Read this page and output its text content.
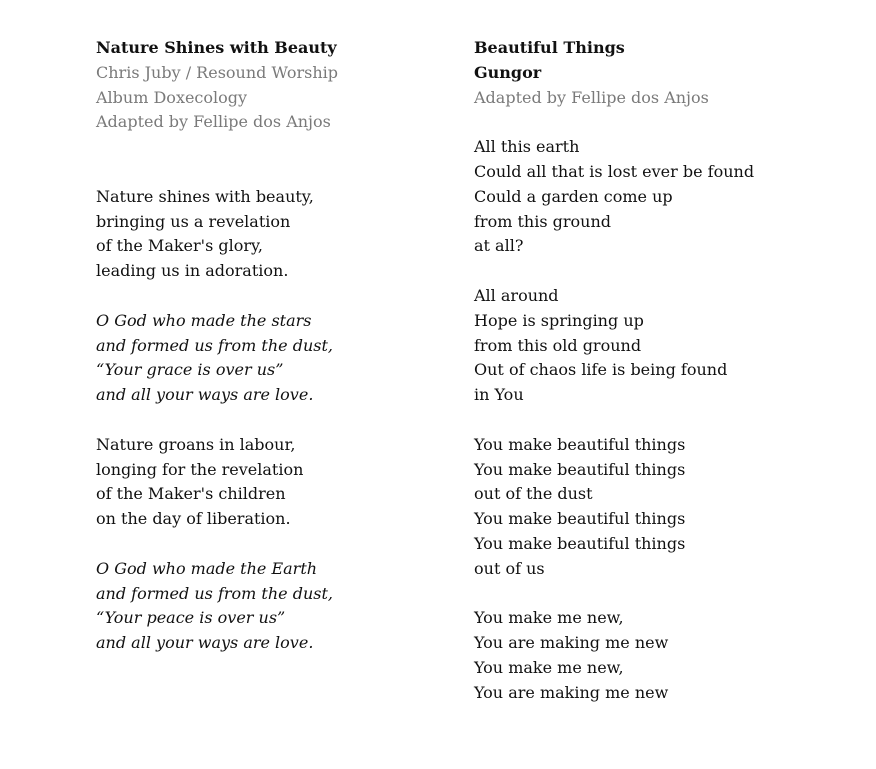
Nature Shines with Beauty
Chris Juby / Resound Worship
Album Doxecology
Adapted by Fellipe dos Anjos
Nature shines with beauty,
bringing us a revelation
of the Maker's glory,
leading us in adoration.
O God who made the stars
and formed us from the dust,
“Your grace is over us”
and all your ways are love.
Nature groans in labour,
longing for the revelation
of the Maker's children
on the day of liberation.
O God who made the Earth
and formed us from the dust,
“Your peace is over us”
and all your ways are love.
Beautiful Things
Gungor
Adapted by Fellipe dos Anjos
All this earth
Could all that is lost ever be found
Could a garden come up
from this ground
at all?
All around
Hope is springing up
from this old ground
Out of chaos life is being found
in You
You make beautiful things
You make beautiful things
out of the dust
You make beautiful things
You make beautiful things
out of us
You make me new,
You are making me new
You make me new,
You are making me new
